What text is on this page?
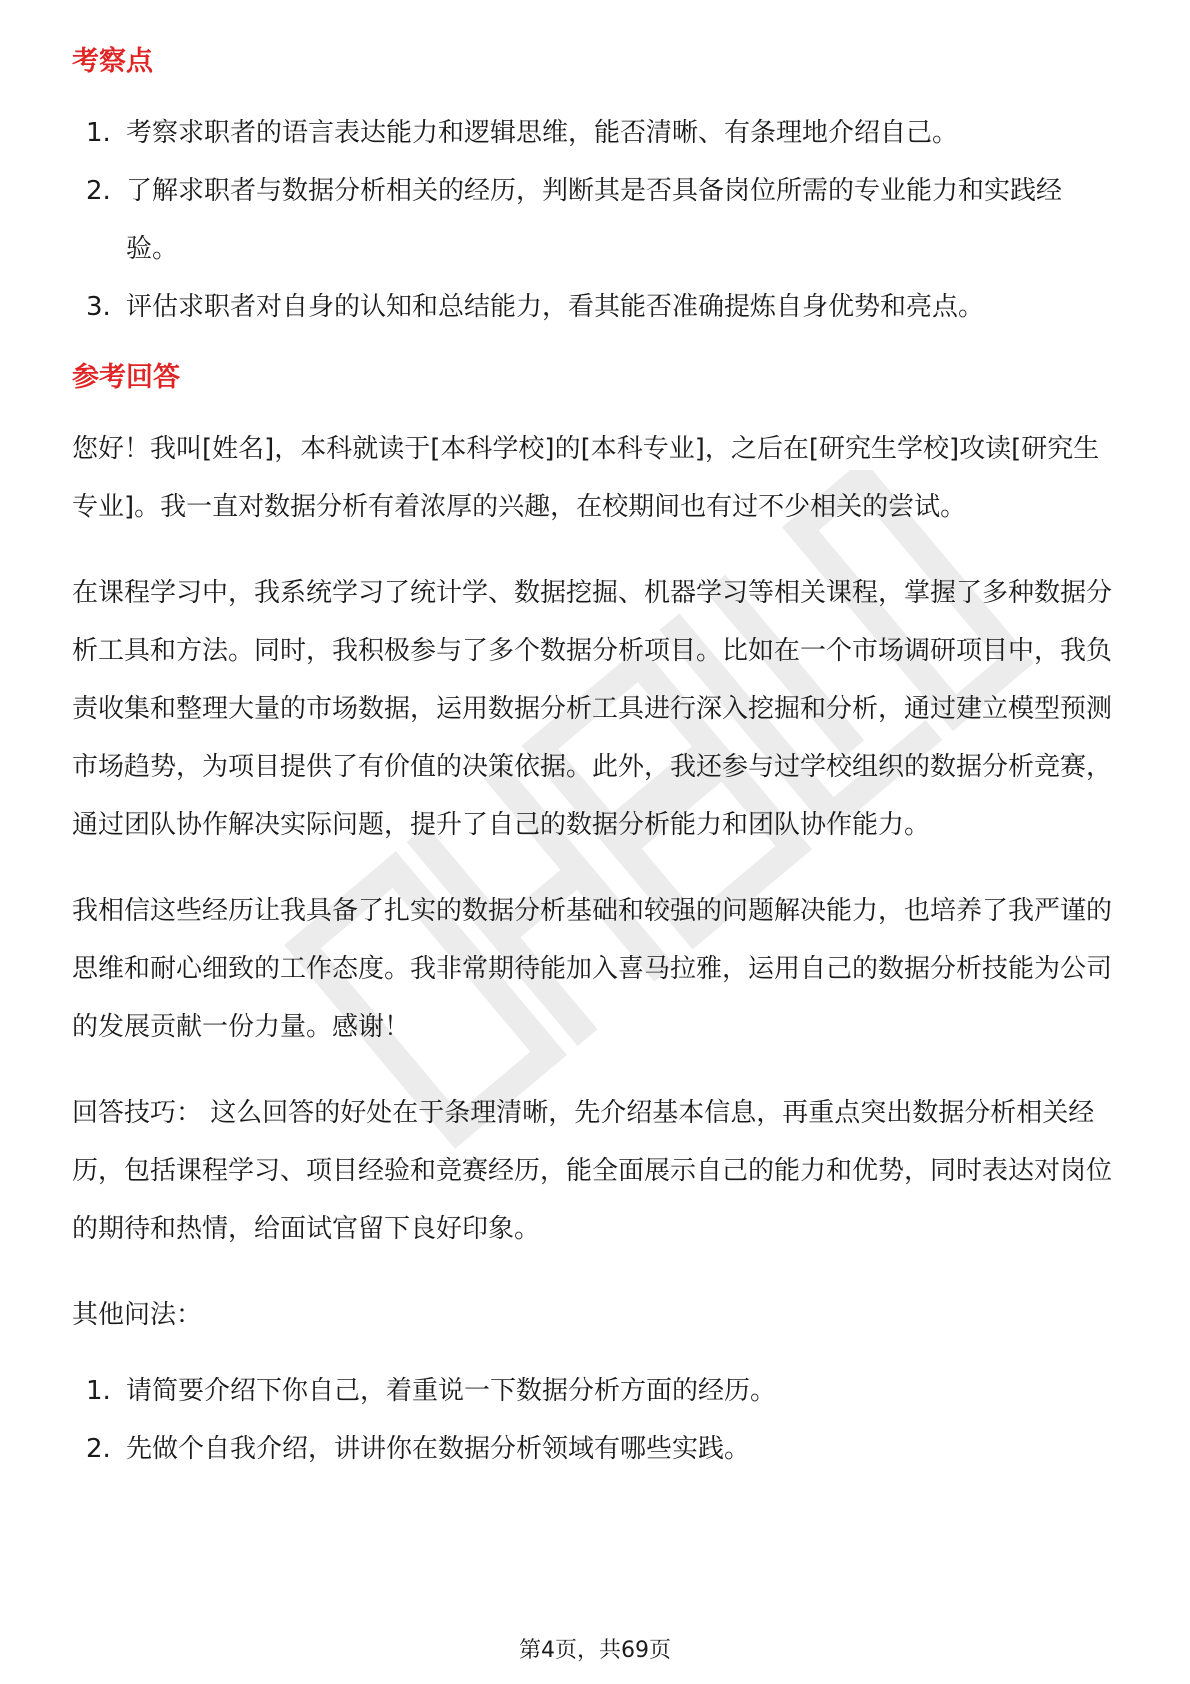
考察点
1. 考察求职者的语言表达能力和逻辑思维，能否清晰、有条理地介绍自己。
2. 了解求职者与数据分析相关的经历，判断其是否具备岗位所需的专业能力和实践经验。
3. 评估求职者对自身的认知和总结能力，看其能否准确提炼自身优势和亮点。
参考回答

您好！我叫[姓名]，本科就读于[本科学校]的[本科专业]，之后在[研究生学校]攻读[研究生专业]。我一直对数据分析有着浓厚的兴趣，在校期间也有过不少相关的尝试。

在课程学习中，我系统学习了统计学、数据挖掘、机器学习等相关课程，掌握了多种数据分析工具和方法。同时，我积极参与了多个数据分析项目。比如在一个市场调研项目中，我负责收集和整理大量的市场数据，运用数据分析工具进行深入挖掘和分析，通过建立模型预测市场趋势，为项目提供了有价值的决策依据。此外，我还参与过学校组织的数据分析竞赛，通过团队协作解决实际问题，提升了自己的数据分析能力和团队协作能力。

我相信这些经历让我具备了扎实的数据分析基础和较强的问题解决能力，也培养了我严谨的思维和耐心细致的工作态度。我非常期待能加入喜马拉雅，运用自己的数据分析技能为公司的发展贡献一份力量。感谢！

回答技巧： 这么回答的好处在于条理清晰，先介绍基本信息，再重点突出数据分析相关经历，包括课程学习、项目经验和竞赛经历，能全面展示自己的能力和优势，同时表达对岗位的期待和热情，给面试官留下良好印象。

其他问法：

1. 请简要介绍下你自己，着重说一下数据分析方面的经历。
2. 先做个自我介绍，讲讲你在数据分析领域有哪些实践。
第4页，共69页
